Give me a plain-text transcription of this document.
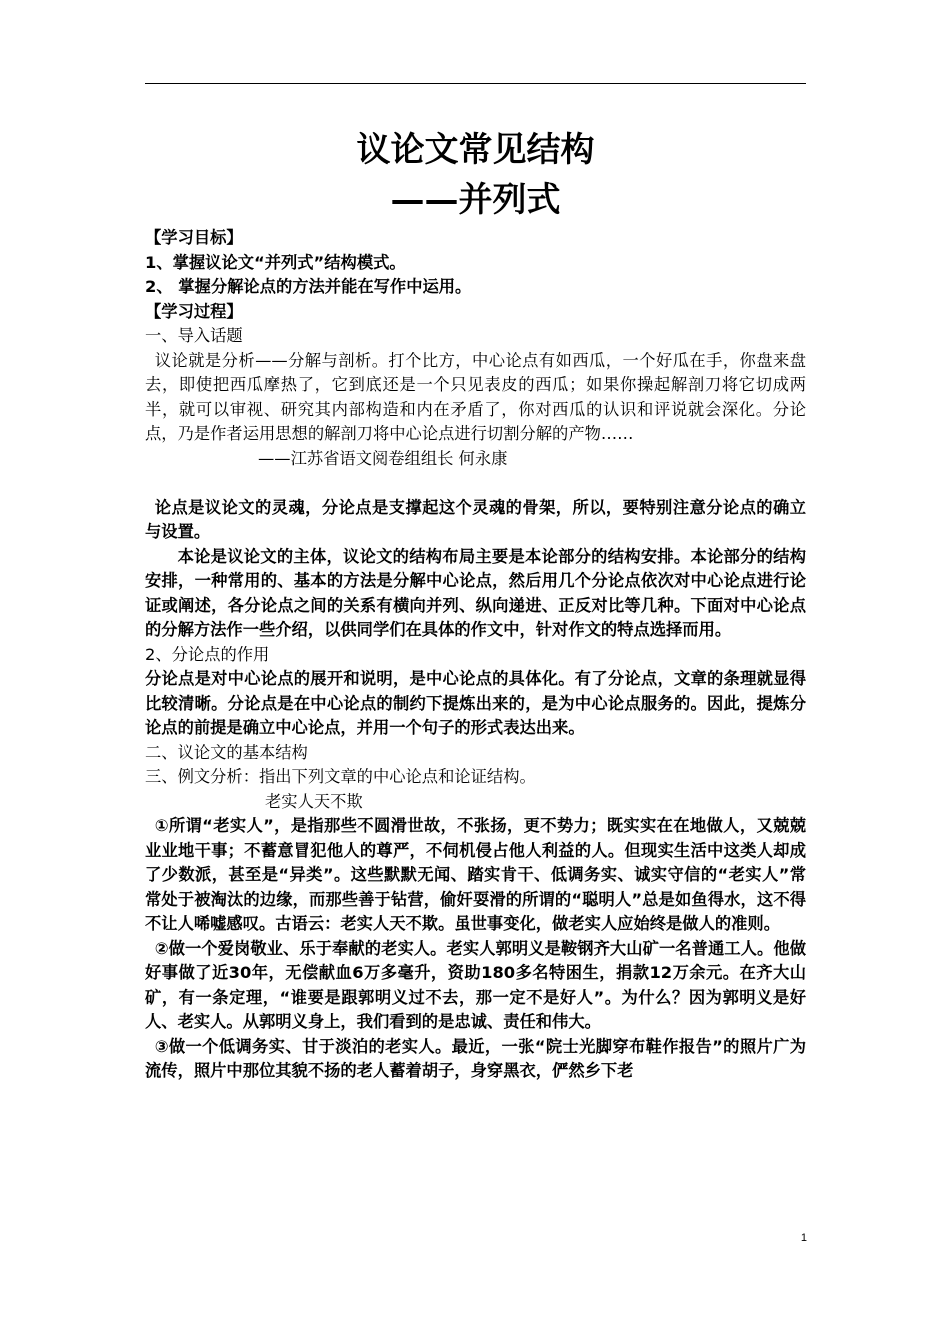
议论文常见结构
——并列式

【学习目标】

1、掌握议论文“并列式”结构模式。

2、 掌握分解论点的方法并能在写作中运用。

【学习过程】

一、导入话题

议论就是分析——分解与剖析。打个比方，中心论点有如西瓜，一个好瓜在手，你盘来盘去，即使把西瓜摩热了，它到底还是一个只见表皮的西瓜；如果你操起解剖刀将它切成两半，就可以审视、研究其内部构造和内在矛盾了，你对西瓜的认识和评说就会深化。分论点，乃是作者运用思想的解剖刀将中心论点进行切割分解的产物……

——江苏省语文阅卷组组长 何永康

论点是议论文的灵魂，分论点是支撑起这个灵魂的骨架，所以，要特别注意分论点的确立与设置。

本论是议论文的主体，议论文的结构布局主要是本论部分的结构安排。本论部分的结构安排，一种常用的、基本的方法是分解中心论点，然后用几个分论点依次对中心论点进行论证或阐述，各分论点之间的关系有横向并列、纵向递进、正反对比等几种。下面对中心论点的分解方法作一些介绍，以供同学们在具体的作文中，针对作文的特点选择而用。

2、分论点的作用

分论点是对中心论点的展开和说明，是中心论点的具体化。有了分论点，文章的条理就显得比较清晰。分论点是在中心论点的制约下提炼出来的，是为中心论点服务的。因此，提炼分论点的前提是确立中心论点，并用一个句子的形式表达出来。

二、议论文的基本结构

三、例文分析：指出下列文章的中心论点和论证结构。

老实人天不欺

①所谓“老实人”，是指那些不圆滑世故，不张扬，更不势力；既实实在在地做人，又兢兢业业地干事；不蓄意冒犯他人的尊严，不伺机侵占他人利益的人。但现实生活中这类人却成了少数派，甚至是“异类”。这些默默无闻、踏实肯干、低调务实、诚实守信的“老实人”常常处于被淘汰的边缘，而那些善于钻营，偷奸耍滑的所谓的“聪明人”总是如鱼得水，这不得不让人唏嘘感叹。古语云：老实人天不欺。虽世事变化，做老实人应始终是做人的准则。

②做一个爱岗敬业、乐于奉献的老实人。老实人郭明义是鞍钢齐大山矿一名普通工人。他做好事做了近30年，无偿献血6万多毫升，资助180多名特困生，捐款12万余元。在齐大山矿，有一条定理，“谁要是跟郭明义过不去，那一定不是好人”。为什么？因为郭明义是好人、老实人。从郭明义身上，我们看到的是忠诚、责任和伟大。

③做一个低调务实、甘于淡泊的老实人。最近，一张“院士光脚穿布鞋作报告”的照片广为流传，照片中那位其貌不扬的老人蓄着胡子，身穿黑衣，俨然乡下老

1
